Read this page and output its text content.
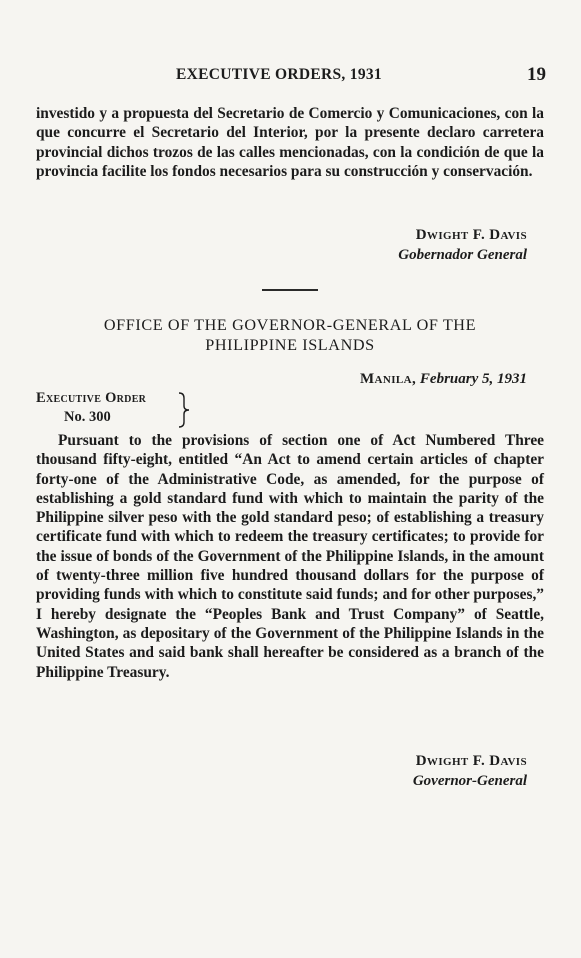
EXECUTIVE ORDERS, 1931	19

investido y a propuesta del Secretario de Comercio y Comunicaciones, con la que concurre el Secretario del Interior, por la presente declaro carretera provincial dichos trozos de las calles mencionadas, con la condición de que la provincia facilite los fondos necesarios para su construcción y conservación.

Dwight F. Davis
Gobernador General
OFFICE OF THE GOVERNOR-GENERAL OF THE
PHILIPPINE ISLANDS
Manila, February 5, 1931
Executive Order
No. 300

Pursuant to the provisions of section one of Act Numbered Three thousand fifty-eight, entitled “An Act to amend certain articles of chapter forty-one of the Administrative Code, as amended, for the purpose of establishing a gold standard fund with which to maintain the parity of the Philippine silver peso with the gold standard peso; of establishing a treasury certificate fund with which to redeem the treasury certificates; to provide for the issue of bonds of the Government of the Philippine Islands, in the amount of twenty-three million five hundred thousand dollars for the purpose of providing funds with which to constitute said funds; and for other purposes,” I hereby designate the “Peoples Bank and Trust Company” of Seattle, Washington, as depositary of the Government of the Philippine Islands in the United States and said bank shall hereafter be considered as a branch of the Philippine Treasury.

Dwight F. Davis
Governor-General
